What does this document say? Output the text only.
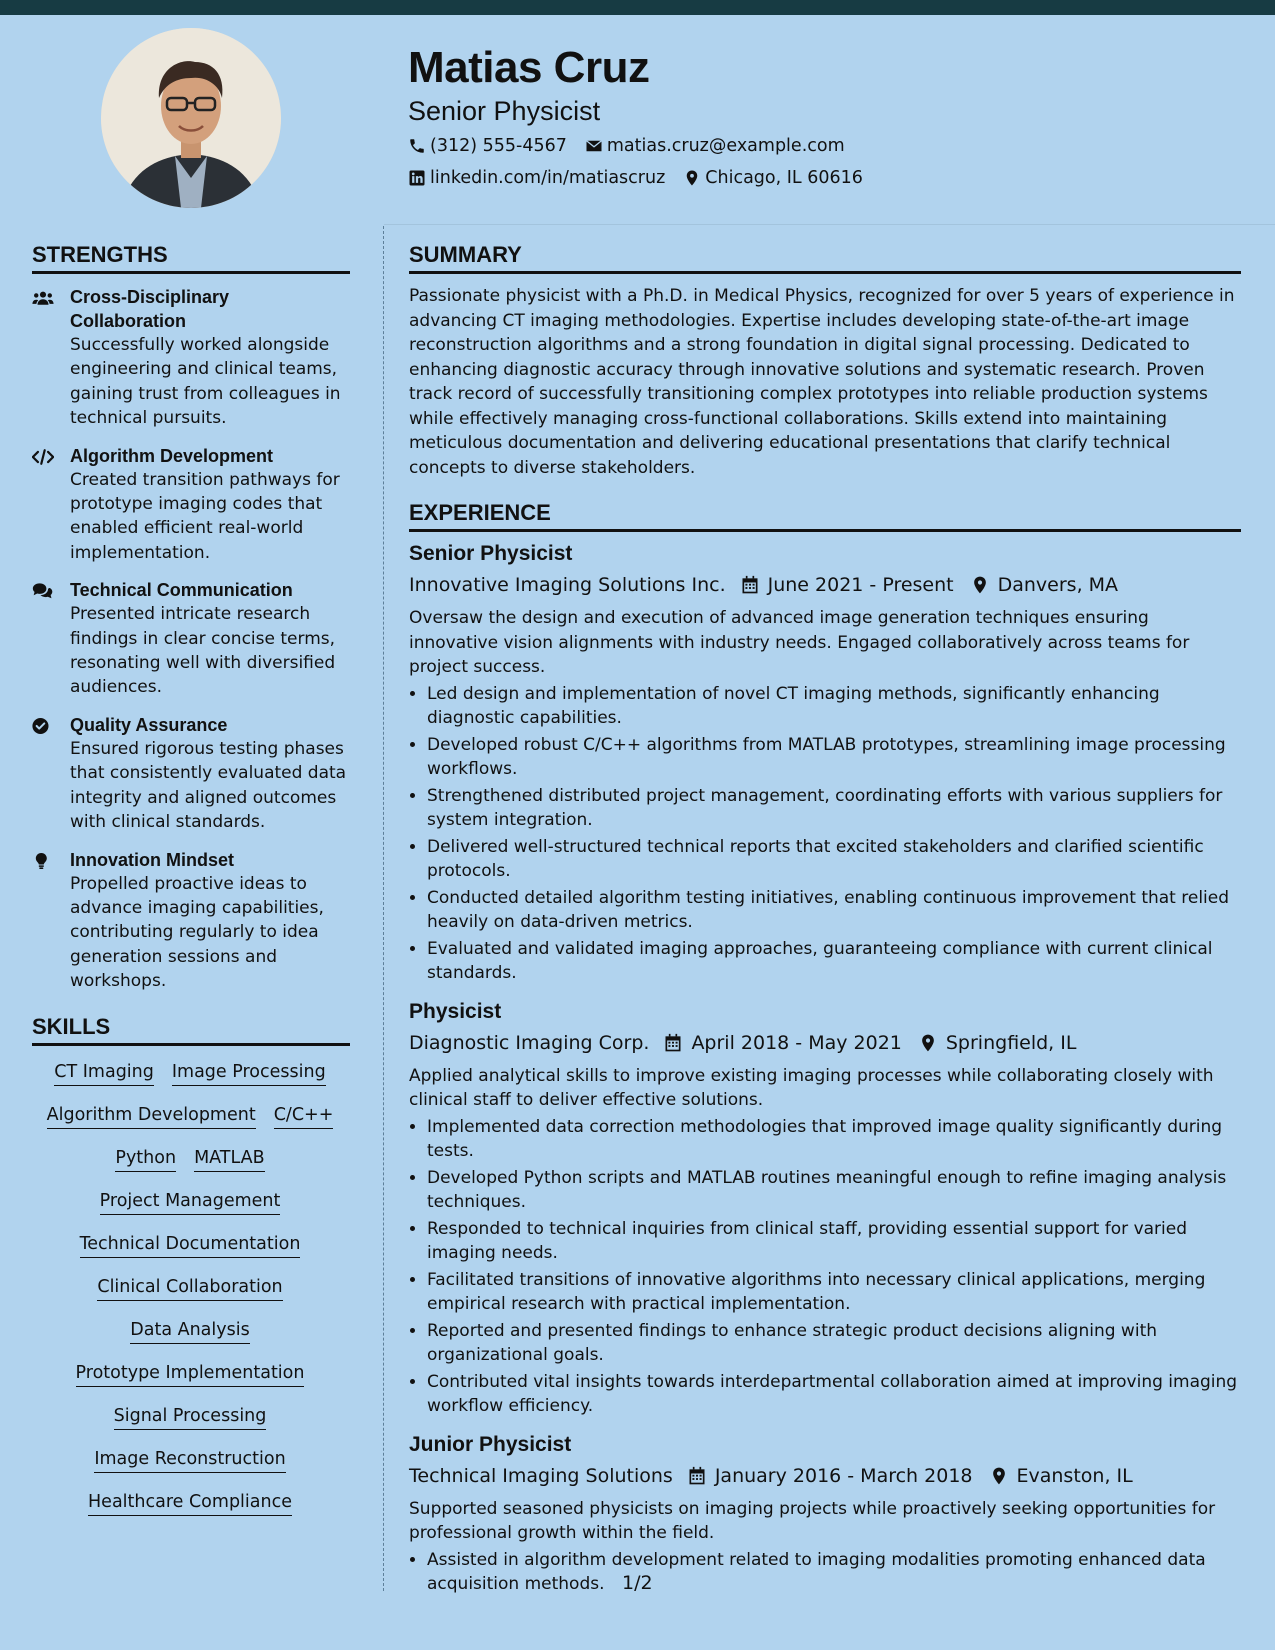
Matias Cruz
Senior Physicist
(312) 555-4567 matias.cruz@example.com
linkedin.com/in/matiascruz Chicago, IL 60616
STRENGTHS
Cross-Disciplinary Collaboration
Successfully worked alongside engineering and clinical teams, gaining trust from colleagues in technical pursuits.
Algorithm Development
Created transition pathways for prototype imaging codes that enabled efficient real-world implementation.
Technical Communication
Presented intricate research findings in clear concise terms, resonating well with diversified audiences.
Quality Assurance
Ensured rigorous testing phases that consistently evaluated data integrity and aligned outcomes with clinical standards.
Innovation Mindset
Propelled proactive ideas to advance imaging capabilities, contributing regularly to idea generation sessions and workshops.
SKILLS
CT Imaging Image Processing
Algorithm Development C/C++
Python MATLAB
Project Management
Technical Documentation
Clinical Collaboration
Data Analysis
Prototype Implementation
Signal Processing
Image Reconstruction
Healthcare Compliance
SUMMARY
Passionate physicist with a Ph.D. in Medical Physics, recognized for over 5 years of experience in advancing CT imaging methodologies. Expertise includes developing state-of-the-art image reconstruction algorithms and a strong foundation in digital signal processing. Dedicated to enhancing diagnostic accuracy through innovative solutions and systematic research. Proven track record of successfully transitioning complex prototypes into reliable production systems while effectively managing cross-functional collaborations. Skills extend into maintaining meticulous documentation and delivering educational presentations that clarify technical concepts to diverse stakeholders.
EXPERIENCE
Senior Physicist
Innovative Imaging Solutions Inc. June 2021 - Present Danvers, MA
Oversaw the design and execution of advanced image generation techniques ensuring innovative vision alignments with industry needs. Engaged collaboratively across teams for project success.
• Led design and implementation of novel CT imaging methods, significantly enhancing diagnostic capabilities.
• Developed robust C/C++ algorithms from MATLAB prototypes, streamlining image processing workflows.
• Strengthened distributed project management, coordinating efforts with various suppliers for system integration.
• Delivered well-structured technical reports that excited stakeholders and clarified scientific protocols.
• Conducted detailed algorithm testing initiatives, enabling continuous improvement that relied heavily on data-driven metrics.
• Evaluated and validated imaging approaches, guaranteeing compliance with current clinical standards.
Physicist
Diagnostic Imaging Corp. April 2018 - May 2021 Springfield, IL
Applied analytical skills to improve existing imaging processes while collaborating closely with clinical staff to deliver effective solutions.
• Implemented data correction methodologies that improved image quality significantly during tests.
• Developed Python scripts and MATLAB routines meaningful enough to refine imaging analysis techniques.
• Responded to technical inquiries from clinical staff, providing essential support for varied imaging needs.
• Facilitated transitions of innovative algorithms into necessary clinical applications, merging empirical research with practical implementation.
• Reported and presented findings to enhance strategic product decisions aligning with organizational goals.
• Contributed vital insights towards interdepartmental collaboration aimed at improving imaging workflow efficiency.
Junior Physicist
Technical Imaging Solutions January 2016 - March 2018 Evanston, IL
Supported seasoned physicists on imaging projects while proactively seeking opportunities for professional growth within the field.
• Assisted in algorithm development related to imaging modalities promoting enhanced data acquisition methods. 1/2
